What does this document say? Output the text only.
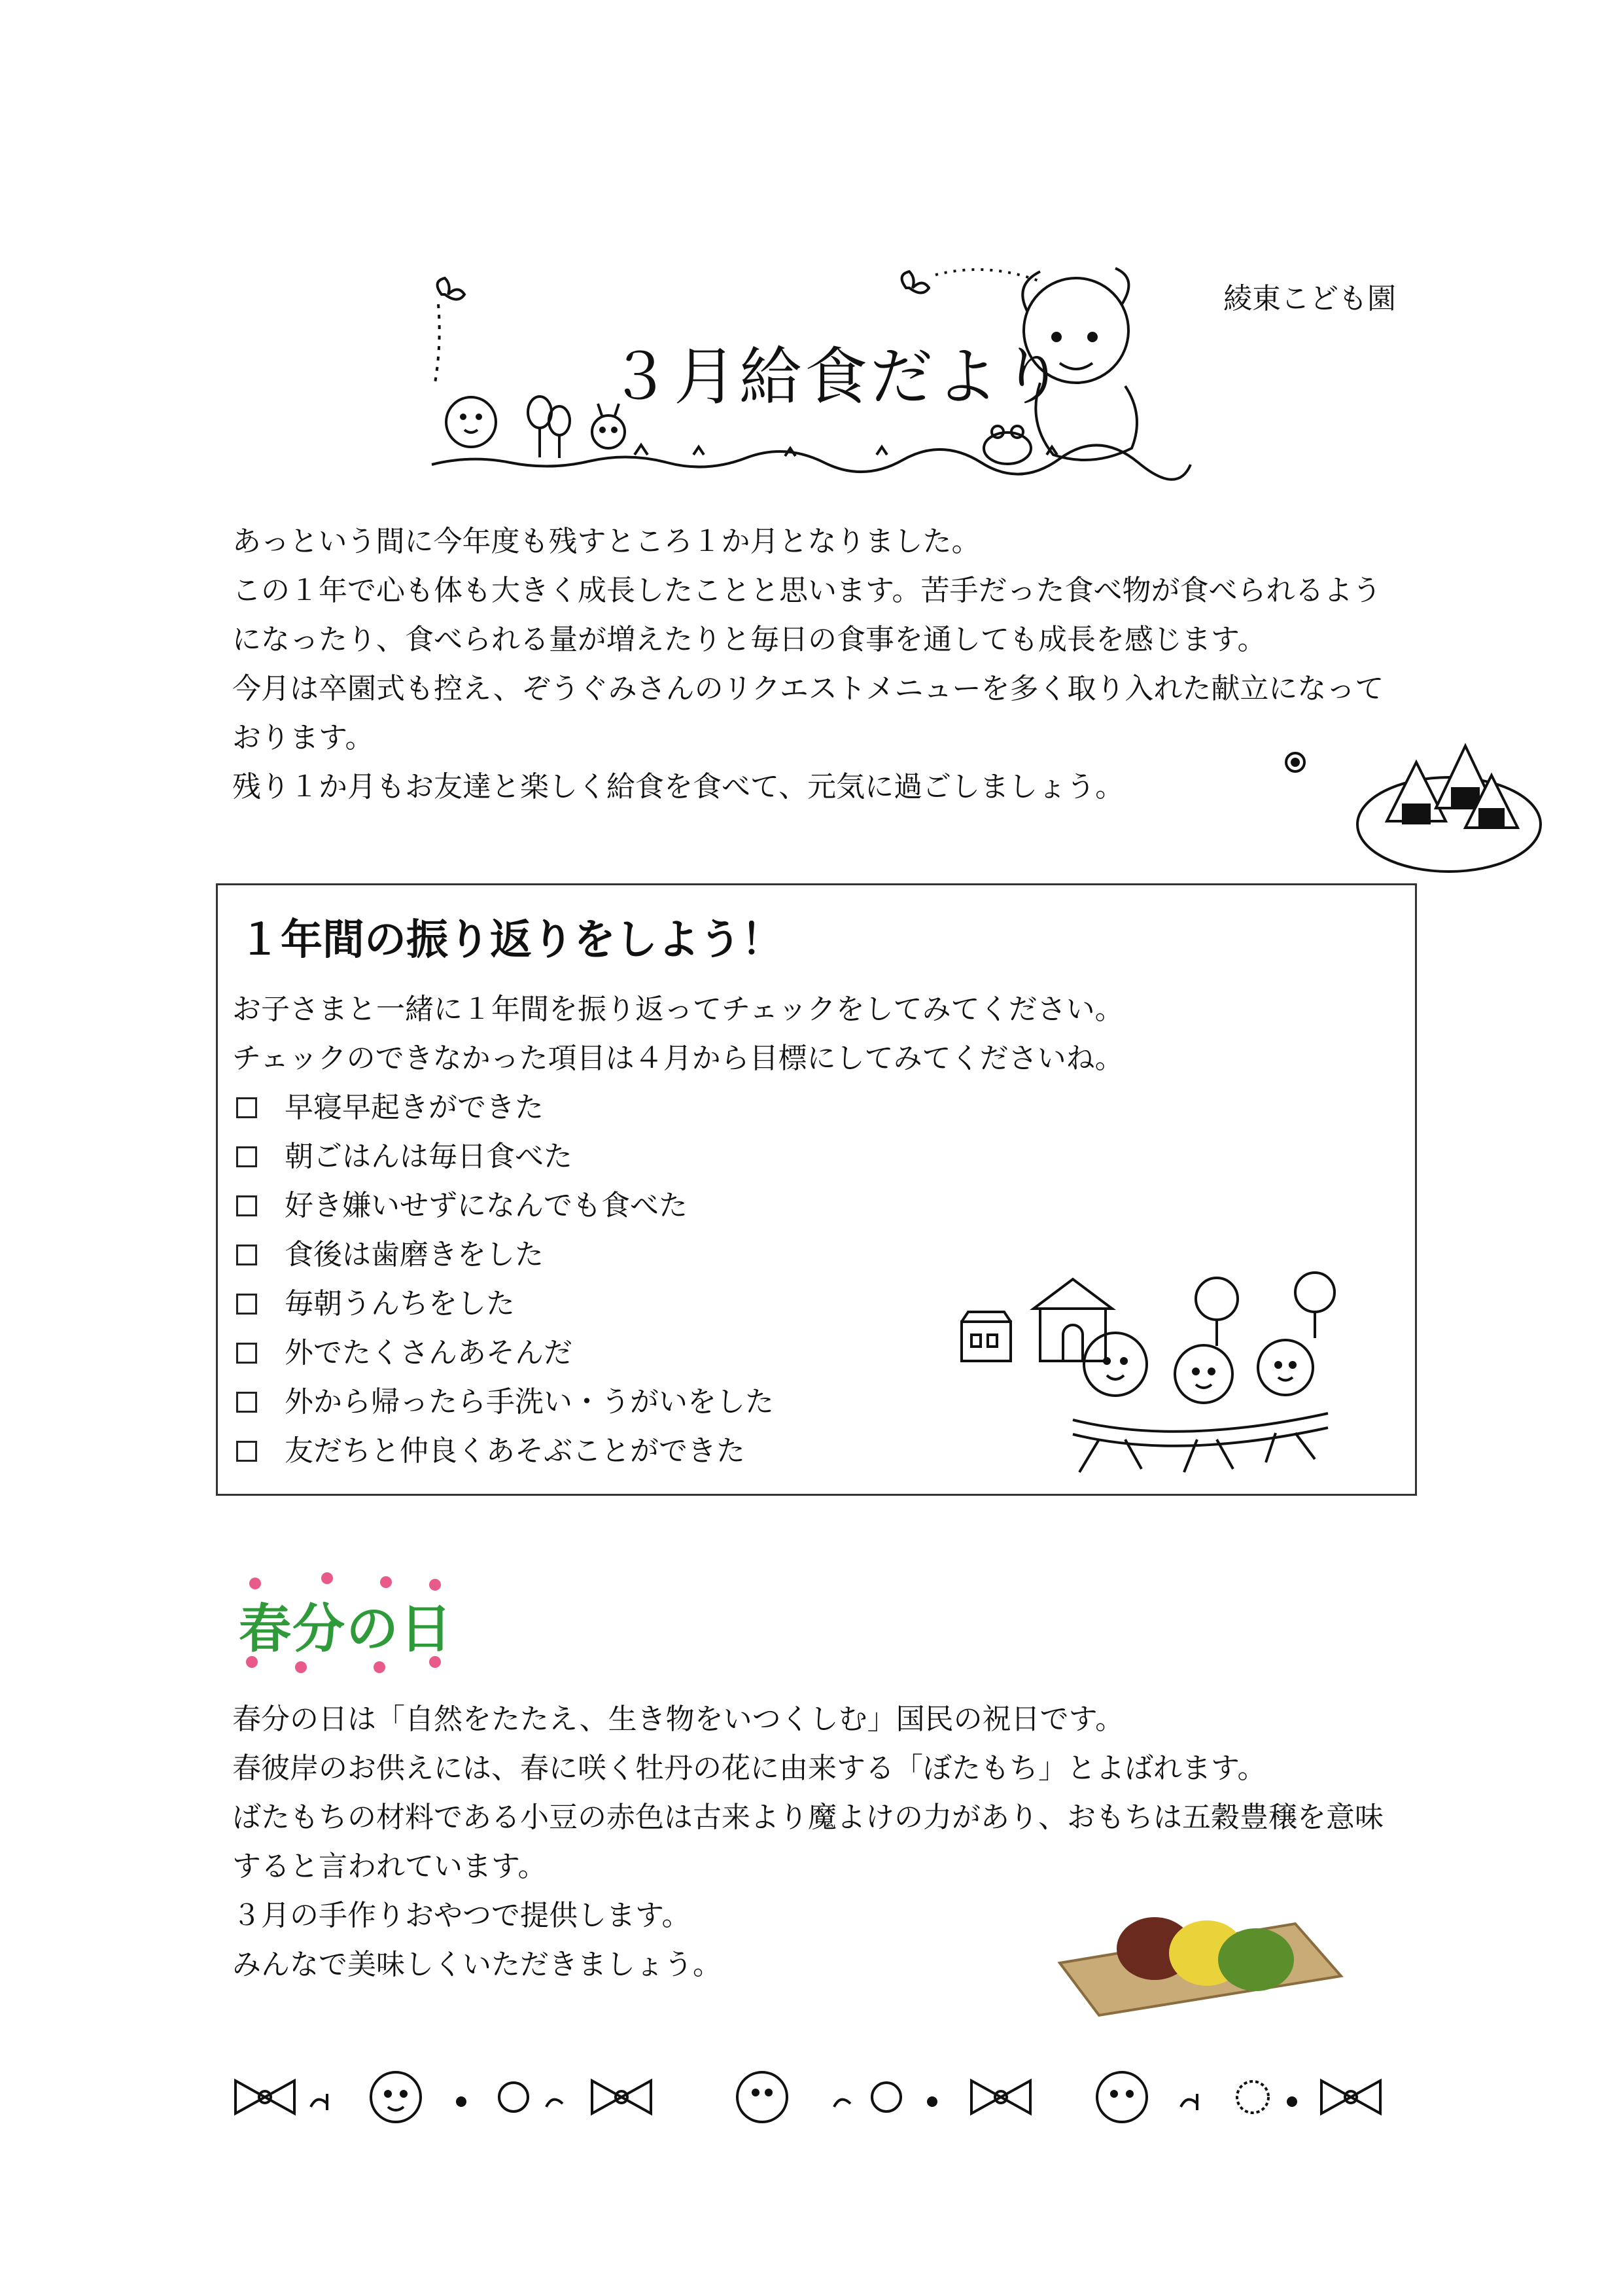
綾東こども園
３月給食だより

あっという間に今年度も残すところ１か月となりました。

この１年で心も体も大きく成長したことと思います。苦手だった食べ物が食べられるよう

になったり、食べられる量が増えたりと毎日の食事を通しても成長を感じます。

今月は卒園式も控え、ぞうぐみさんのリクエストメニューを多く取り入れた献立になって

おります。

残り１か月もお友達と楽しく給食を食べて、元気に過ごしましょう。

１年間の振り返りをしよう！

お子さまと一緒に１年間を振り返ってチェックをしてみてください。

チェックのできなかった項目は４月から目標にしてみてくださいね。

早寝早起きができた
朝ごはんは毎日食べた
好き嫌いせずになんでも食べた
食後は歯磨きをした
毎朝うんちをした
外でたくさんあそんだ
外から帰ったら手洗い・うがいをした
友だちと仲良くあそぶことができた
春分の日

春分の日は「自然をたたえ、生き物をいつくしむ」国民の祝日です。

春彼岸のお供えには、春に咲く牡丹の花に由来する「ぼたもち」とよばれます。

ばたもちの材料である小豆の赤色は古来より魔よけの力があり、おもちは五穀豊穣を意味

すると言われています。

３月の手作りおやつで提供します。

みんなで美味しくいただきましょう。
